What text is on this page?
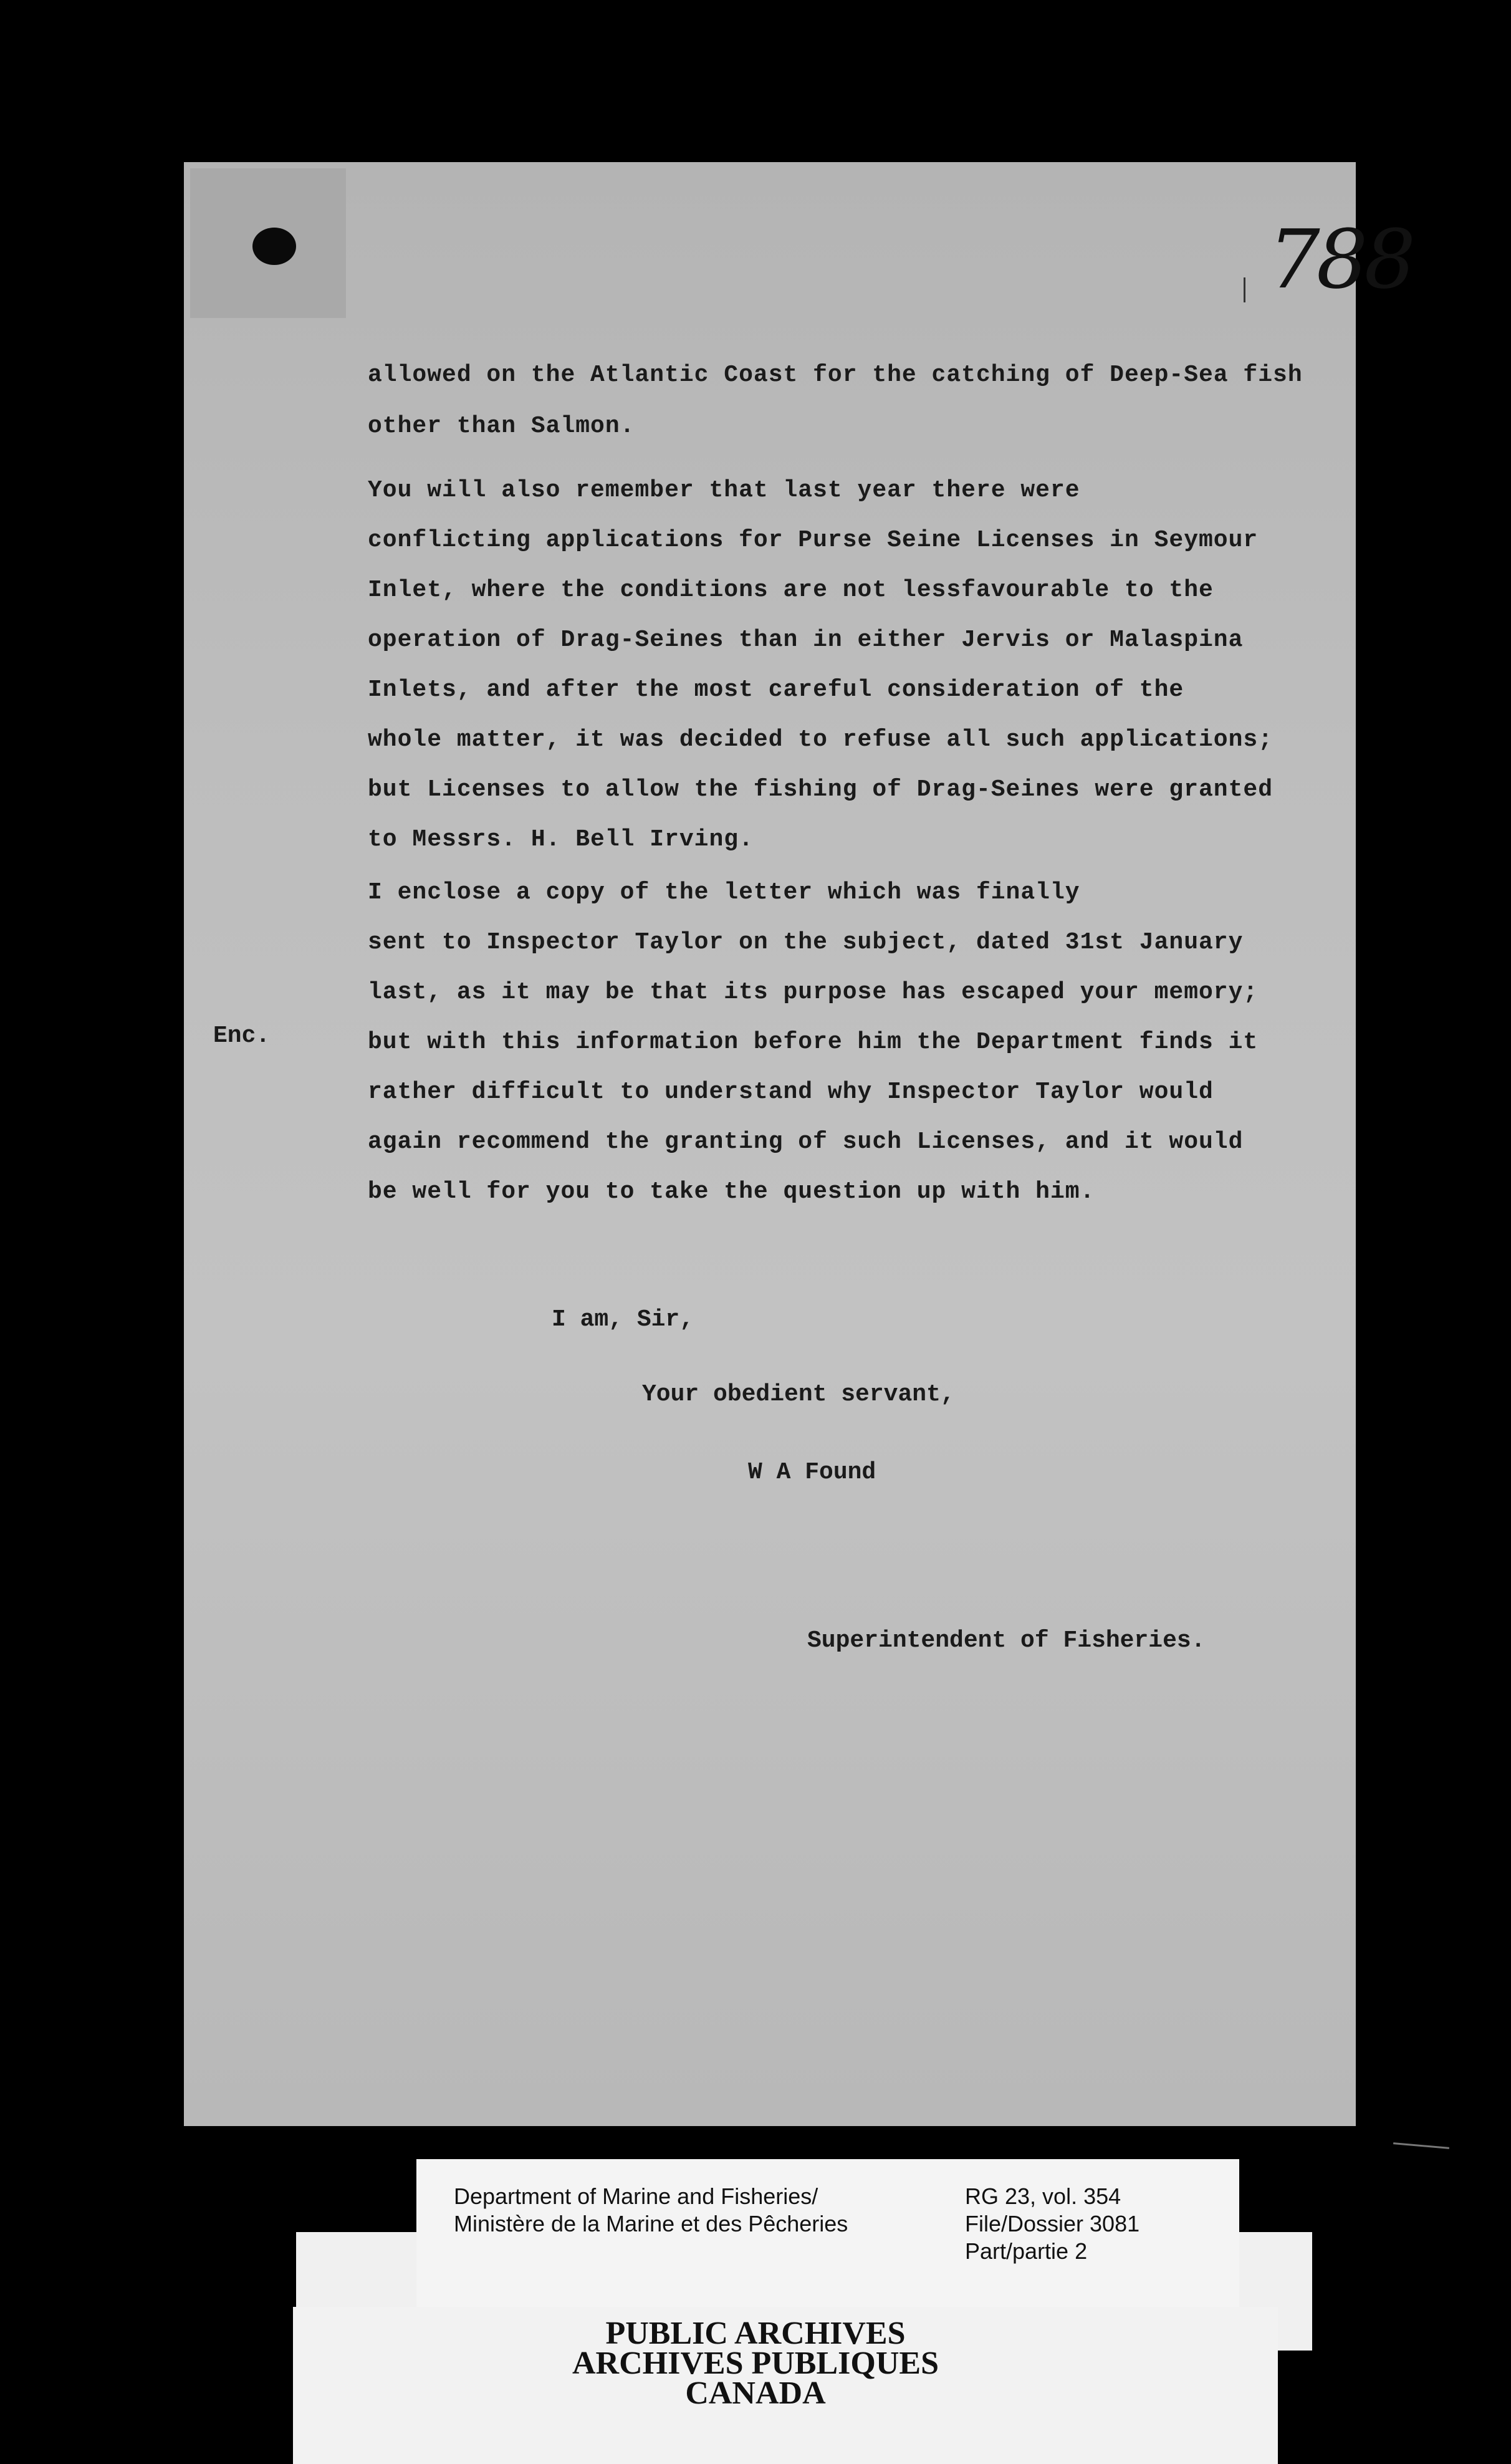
788
Enc.
allowed on the Atlantic Coast for the catching of Deep-Sea fish
other than Salmon.
You will also remember that last year there were
conflicting applications for Purse Seine Licenses in Seymour
Inlet, where the conditions are not lessfavourable to the
operation of Drag-Seines than in either Jervis or Malaspina
Inlets, and after the most careful consideration of the
whole matter, it was decided to refuse all such applications;
but Licenses to allow the fishing of Drag-Seines were granted
to Messrs. H. Bell Irving.
I enclose a copy of the letter which was finally
sent to Inspector Taylor on the subject, dated 31st January
last, as it may be that its purpose has escaped your memory;
but with this information before him the Department finds it
rather difficult to understand why Inspector Taylor would
again recommend the granting of such Licenses, and it would
be well for you to take the question up with him.
I am, Sir,
Your obedient servant,
W A Found
Superintendent of Fisheries.
Department of Marine and Fisheries/
Ministère de la Marine et des Pêcheries
RG 23, vol. 354
File/Dossier 3081
Part/partie 2
PUBLIC ARCHIVES
ARCHIVES PUBLIQUES
CANADA
